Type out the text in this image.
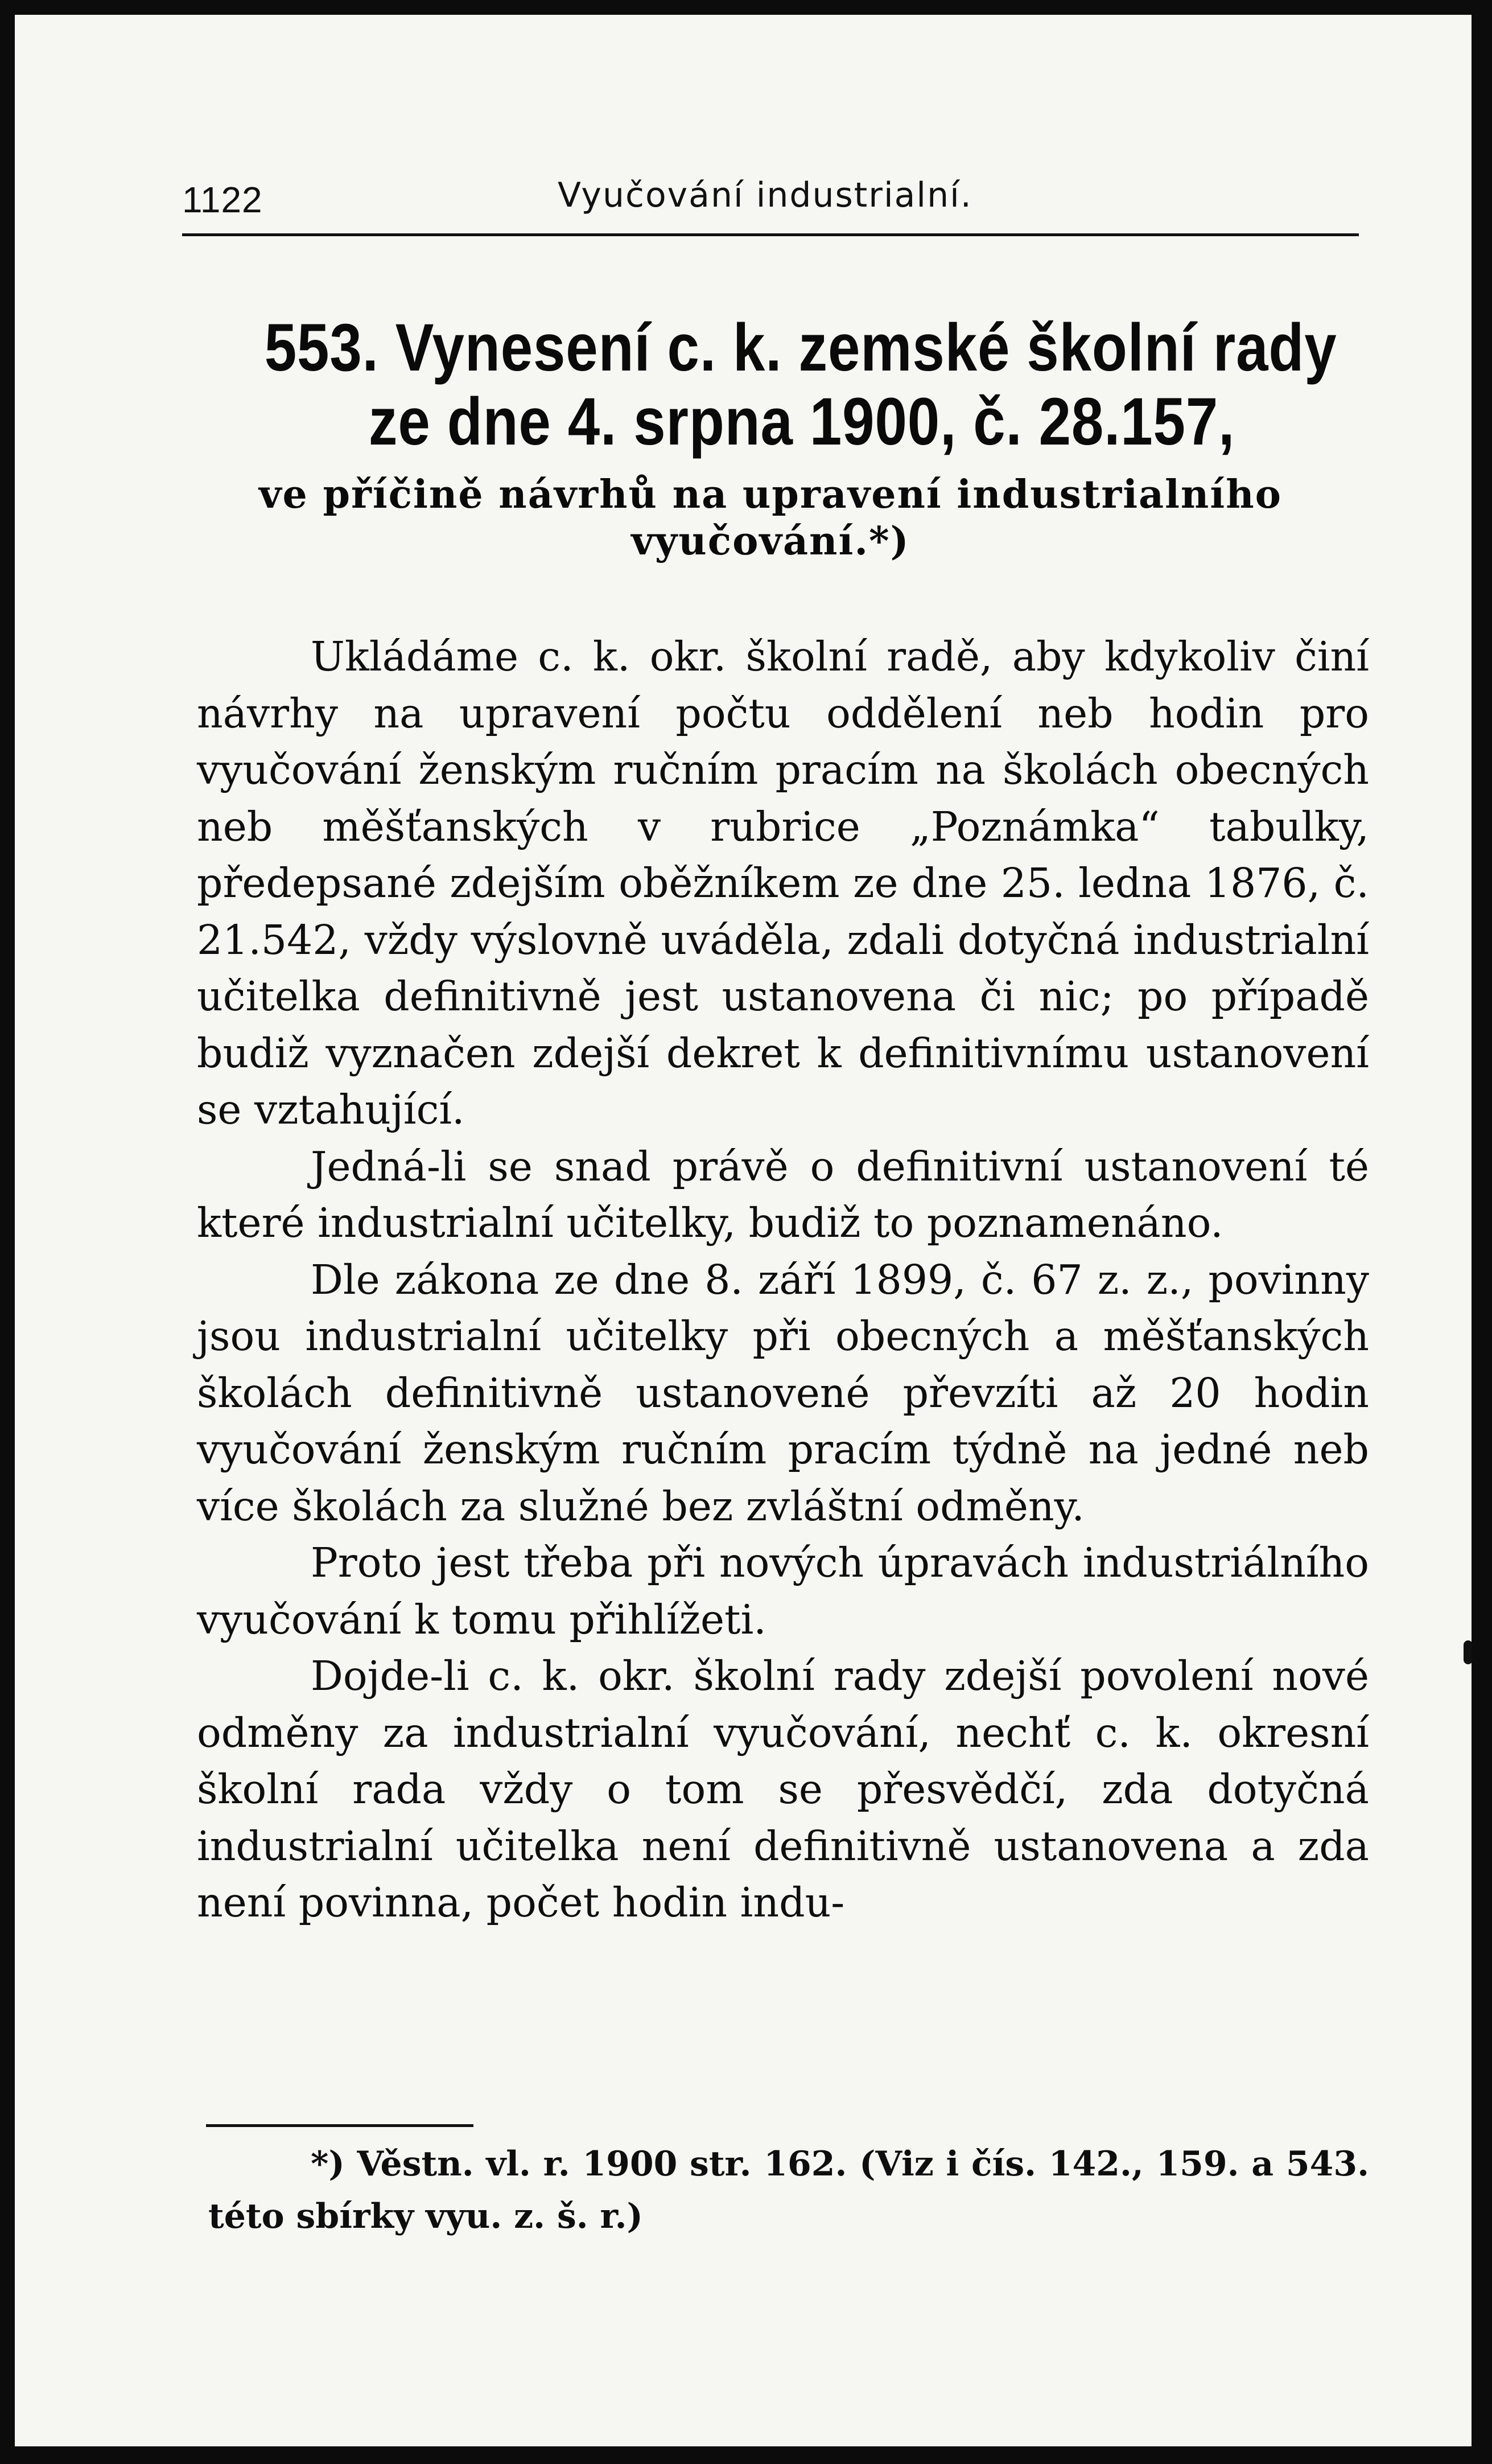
1122	Vyučování industrialní.
553. Vynesení c. k. zemské školní rady
ze dne 4. srpna 1900, č. 28.157,
ve příčině návrhů na upravení industrialního vyučování.*)

Ukládáme c. k. okr. školní radě, aby kdykoliv činí návrhy na upravení počtu oddělení neb hodin pro vyučování ženským ručním pracím na školách obecných neb měšťanských v rubrice „Poznámka“ tabulky, předepsané zdejším oběžníkem ze dne 25. ledna 1876, č. 21.542, vždy výslovně uváděla, zdali dotyčná industrialní učitelka definitivně jest ustanovena či nic; po případě budiž vyznačen zdejší dekret k definitivnímu ustanovení se vztahující.

Jedná-li se snad právě o definitivní ustanovení té které industrialní učitelky, budiž to poznamenáno.

Dle zákona ze dne 8. září 1899, č. 67 z. z., povinny jsou industrialní učitelky při obecných a měšťanských školách definitivně ustanovené převzíti až 20 hodin vyučování ženským ručním pracím týdně na jedné neb více školách za služné bez zvláštní odměny.

Proto jest třeba při nových úpravách industriálního vyučování k tomu přihlížeti.

Dojde-li c. k. okr. školní rady zdejší povolení nové odměny za industrialní vyučování, nechť c. k. okresní školní rada vždy o tom se přesvědčí, zda dotyčná industrialní učitelka není definitivně ustanovena a zda není povinna, počet hodin indu-

*) Věstn. vl. r. 1900 str. 162. (Viz i čís. 142., 159. a 543. této sbírky vyu. z. š. r.)
